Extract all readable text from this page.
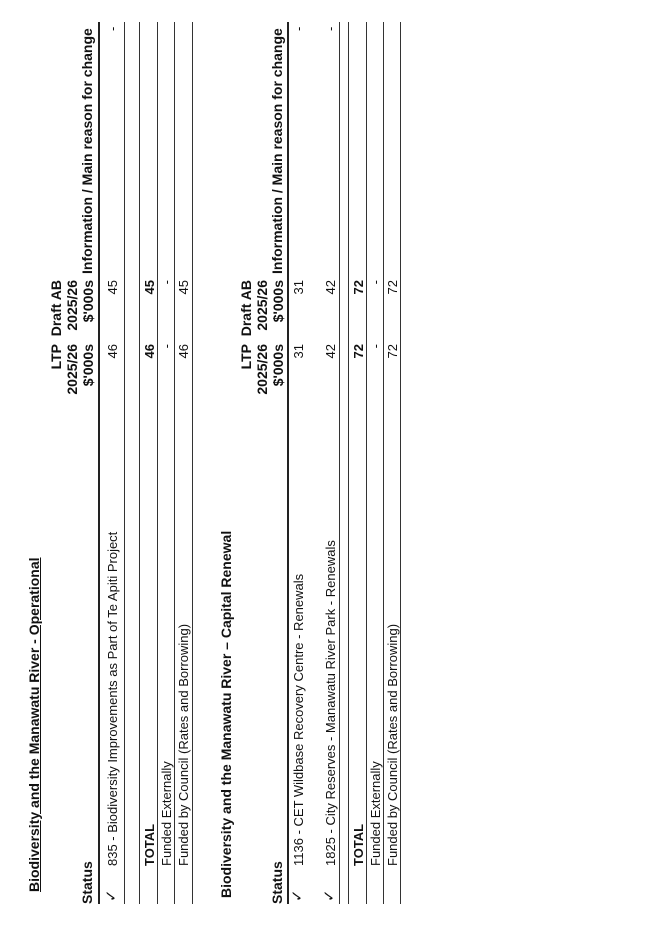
Biodiversity and the Manawatu River - Operational	Status
LTP 2025/26 $'000s
Draft AB 2025/26 $'000s
Information / Main reason for change
✓
835 - Biodiversity Improvements as Part of Te Apiti Project
46
45
-
TOTAL
46
45
Funded Externally
-
-
Funded by Council (Rates and Borrowing)
46
45
Biodiversity and the Manawatu River – Capital Renewal	Status
LTP 2025/26 $'000s
Draft AB 2025/26 $'000s
Information / Main reason for change
✓
1136 - CET Wildbase Recovery Centre - Renewals
31
31
-
✓
1825 - City Reserves - Manawatu River Park - Renewals
42
42
-
TOTAL
72
72
Funded Externally
-
-
Funded by Council (Rates and Borrowing)
72
72
